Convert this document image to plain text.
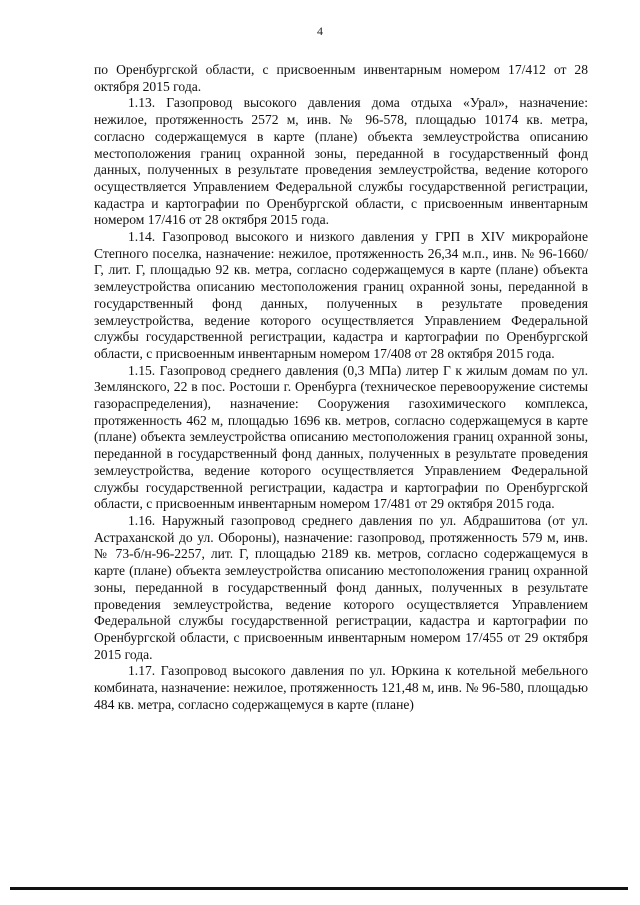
4

по Оренбургской области, с присвоенным инвентарным номером 17/412 от 28 октября 2015 года.

1.13. Газопровод высокого давления дома отдыха «Урал», назначение: нежилое, протяженность 2572 м, инв. № 96-578, площадью 10174 кв. метра, согласно содержащемуся в карте (плане) объекта землеустройства описанию местоположения границ охранной зоны, переданной в государственный фонд данных, полученных в результате проведения землеустройства, ведение которого осуществляется Управлением Федеральной службы государственной регистрации, кадастра и картографии по Оренбургской области, с присвоенным инвентарным номером 17/416 от 28 октября 2015 года.

1.14. Газопровод высокого и низкого давления у ГРП в XIV микрорайоне Степного поселка, назначение: нежилое, протяженность 26,34 м.п., инв. № 96-1660/Г, лит. Г, площадью 92 кв. метра, согласно содержащемуся в карте (плане) объекта землеустройства описанию местоположения границ охранной зоны, переданной в государственный фонд данных, полученных в результате проведения землеустройства, ведение которого осуществляется Управлением Федеральной службы государственной регистрации, кадастра и картографии по Оренбургской области, с присвоенным инвентарным номером 17/408 от 28 октября 2015 года.

1.15. Газопровод среднего давления (0,3 МПа) литер Г к жилым домам по ул. Землянского, 22 в пос. Ростоши г. Оренбурга (техническое перевооружение системы газораспределения), назначение: Сооружения газохимического комплекса, протяженность 462 м, площадью 1696 кв. метров, согласно содержащемуся в карте (плане) объекта землеустройства описанию местоположения границ охранной зоны, переданной в государственный фонд данных, полученных в результате проведения землеустройства, ведение которого осуществляется Управлением Федеральной службы государственной регистрации, кадастра и картографии по Оренбургской области, с присвоенным инвентарным номером 17/481 от 29 октября 2015 года.

1.16. Наружный газопровод среднего давления по ул. Абдрашитова (от ул. Астраханской до ул. Обороны), назначение: газопровод, протяженность 579 м, инв. № 73-б/н-96-2257, лит. Г, площадью 2189 кв. метров, согласно содержащемуся в карте (плане) объекта землеустройства описанию местоположения границ охранной зоны, переданной в государственный фонд данных, полученных в результате проведения землеустройства, ведение которого осуществляется Управлением Федеральной службы государственной регистрации, кадастра и картографии по Оренбургской области, с присвоенным инвентарным номером 17/455 от 29 октября 2015 года.

1.17. Газопровод высокого давления по ул. Юркина к котельной мебельного комбината, назначение: нежилое, протяженность 121,48 м, инв. № 96-580, площадью 484 кв. метра, согласно содержащемуся в карте (плане)
